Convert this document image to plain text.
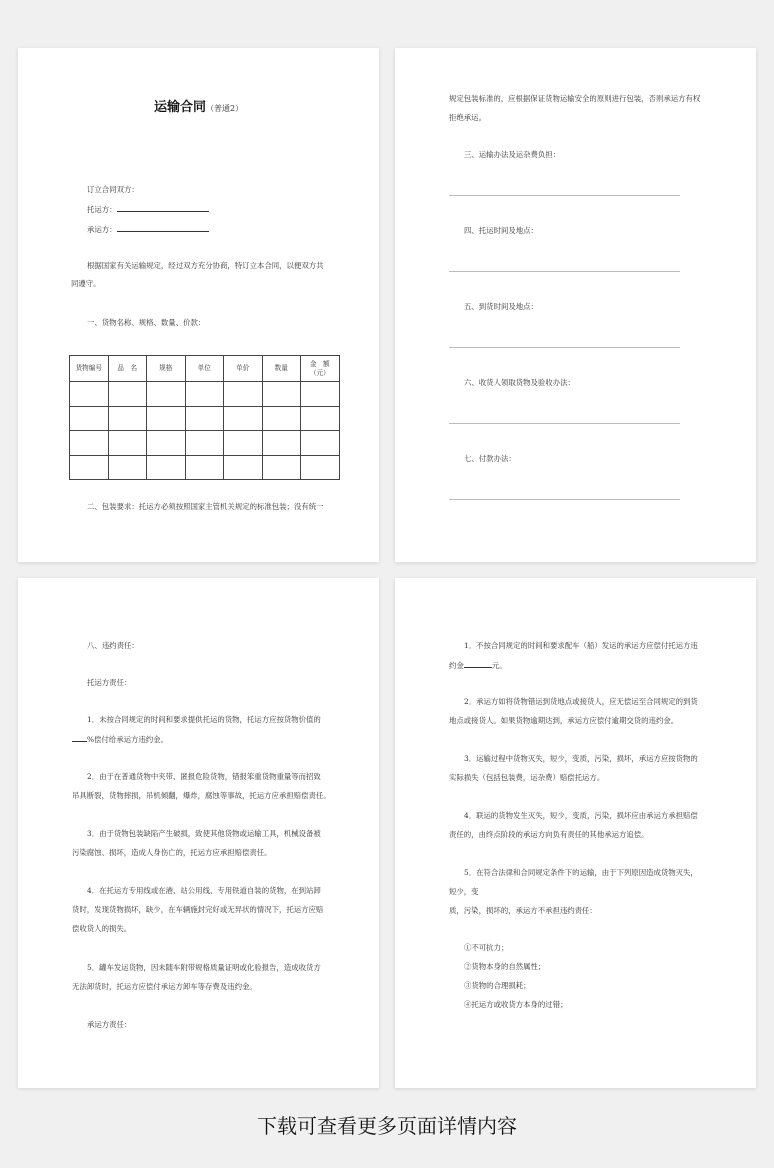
运输合同（普通2）
订立合同双方：
托运方：
承运方：
根据国家有关运输规定，经过双方充分协商，特订立本合同，以便双方共
同遵守。
一、货物名称、规格、数量、价款：
货物编号	品　名	规格	单位	单价	数量	金　额
（元）

二、包装要求：托运方必须按照国家主管机关规定的标准包装；没有统一
规定包装标准的，应根据保证货物运输安全的原则进行包装，否则承运方有权
拒绝承运。
三、运输办法及运杂费负担：
四、托运时间及地点：
五、到货时间及地点：
六、收货人领取货物及验收办法：
七、付款办法：
八、违约责任：
托运方责任：
1．未按合同规定的时间和要求提供托运的货物，托运方应按货物价值的
%偿付给承运方违约金。
2．由于在普通货物中夹带、匿报危险货物，错报笨重货物重量等而招致
吊具断裂，货物摔损，吊机倾翻，爆炸，腐蚀等事故，托运方应承担赔偿责任。
3．由于货物包装缺陷产生破损，致使其他货物或运输工具，机械设备被
污染腐蚀、损坏，造成人身伤亡的，托运方应承担赔偿责任。
4．在托运方专用线或在港、站公用线、专用铁道自装的货物，在到站卸
货时，发现货物损坏，缺少，在车辆施封完好或无异状的情况下，托运方应赔
偿收货人的损失。
5．罐车发运货物，因未随车附带规格质量证明或化验报告，造成收货方
无法卸货时，托运方应偿付承运方卸车等存费及违约金。
承运方责任：
1．不按合同规定的时间和要求配车（船）发运的承运方应偿付托运方违
约金	元。
2．承运方如将货物错运到货地点或接货人，应无偿运至合同规定的到货
地点或接货人。如果货物逾期达到，承运方应偿付逾期交货的违约金。
3．运输过程中货物灭失，短少，变质，污染，损坏，承运方应按货物的
实际损失（包括包装费，运杂费）赔偿托运方。
4．联运的货物发生灭失，短少，变质，污染，损坏应由承运方承担赔偿
责任的，由终点阶段的承运方向负有责任的其他承运方追偿。
5．在符合法律和合同规定条件下的运输，由于下列原因造成货物灭失，
短少，变
质，污染，损坏的，承运方不承担违约责任：
①不可抗力；
②货物本身的自然属性；
③货物的合理损耗；
④托运方或收货方本身的过错；
下载可查看更多页面详情内容
